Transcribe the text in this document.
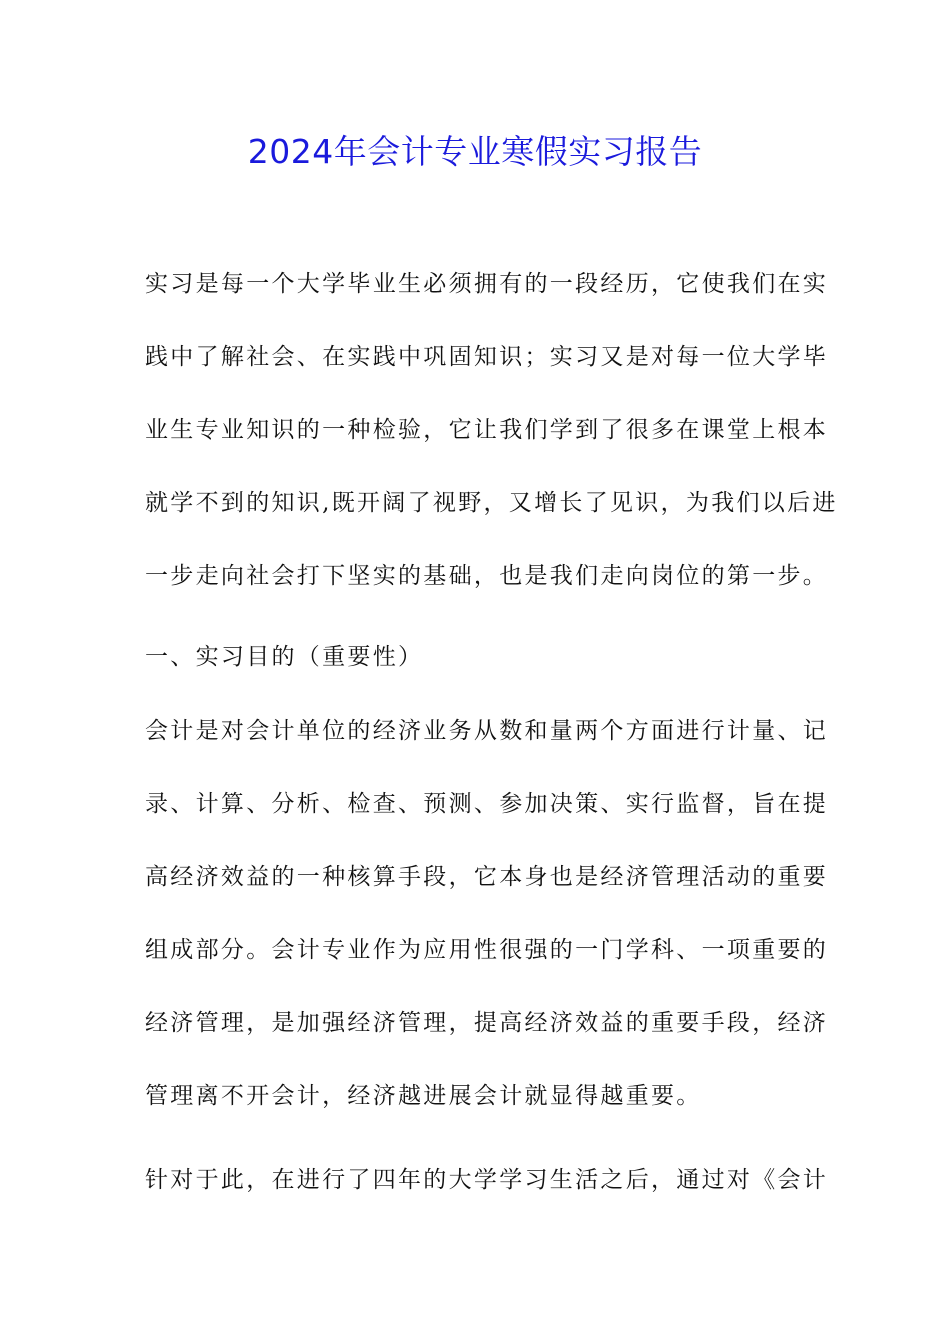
2024年会计专业寒假实习报告
实习是每一个大学毕业生必须拥有的一段经历，它使我们在实
践中了解社会、在实践中巩固知识；实习又是对每一位大学毕
业生专业知识的一种检验，它让我们学到了很多在课堂上根本
就学不到的知识,既开阔了视野，又增长了见识，为我们以后进
一步走向社会打下坚实的基础，也是我们走向岗位的第一步。
一、实习目的（重要性）
会计是对会计单位的经济业务从数和量两个方面进行计量、记
录、计算、分析、检查、预测、参加决策、实行监督，旨在提
高经济效益的一种核算手段，它本身也是经济管理活动的重要
组成部分。会计专业作为应用性很强的一门学科、一项重要的
经济管理，是加强经济管理，提高经济效益的重要手段，经济
管理离不开会计，经济越进展会计就显得越重要。
针对于此，在进行了四年的大学学习生活之后，通过对《会计
